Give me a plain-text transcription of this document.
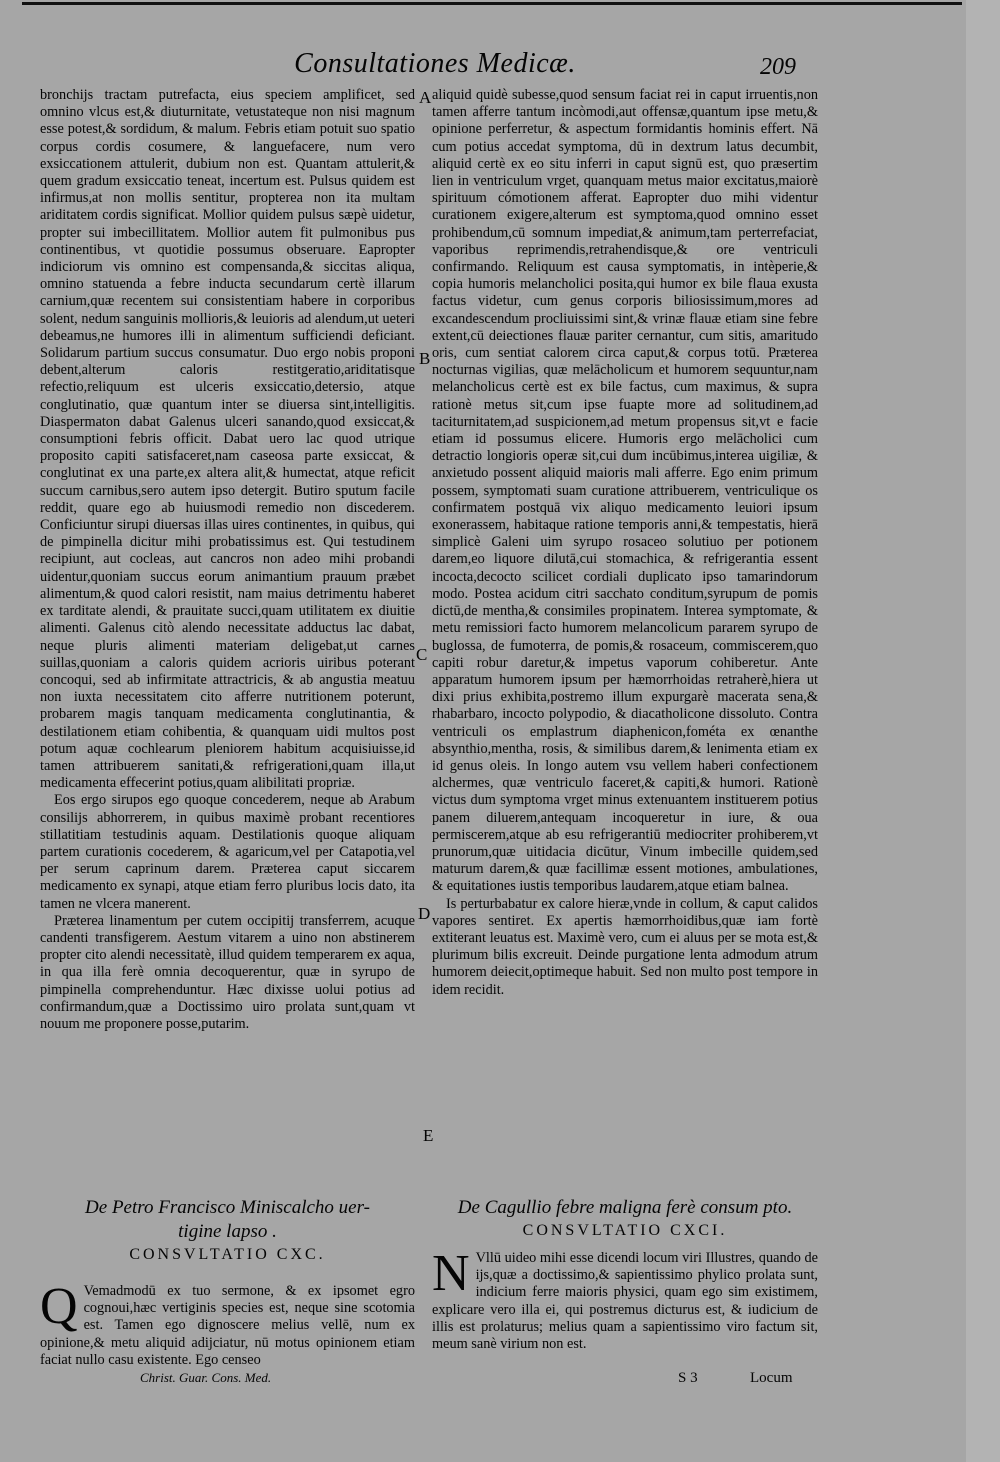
Consultationes Medicæ.	209

bronchijs tractam putrefacta, eius speciem amplificet, sed omnino vlcus est,& diuturnitate, vetustateque non nisi magnum esse potest,& sordidum, & malum. Febris etiam potuit suo spatio corpus cordis cosumere, & languefacere, num vero exsiccationem attulerit, dubium non est. Quantam attulerit,& quem gradum exsiccatio teneat, incertum est. Pulsus quidem est infirmus,at non mollis sentitur, propterea non ita multam ariditatem cordis significat. Mollior quidem pulsus sæpè uidetur, propter sui imbecillitatem. Mollior autem fit pulmonibus pus continentibus, vt quotidie possumus obseruare. Eapropter indiciorum vis omnino est compensanda,& siccitas aliqua, omnino statuenda a febre inducta secundarum certè illarum carnium,quæ recentem sui consistentiam habere in corporibus solent, nedum sanguinis mollioris,& leuioris ad alendum,ut ueteri debeamus,ne humores illi in alimentum sufficiendi deficiant. Solidarum partium succus consumatur. Duo ergo nobis proponi debent,alterum caloris restitgeratio,ariditatisque refectio,reliquum est ulceris exsiccatio,detersio, atque conglutinatio, quæ quantum inter se diuersa sint,intelligitis. Diaspermaton dabat Galenus ulceri sanando,quod exsiccat,& consumptioni febris officit. Dabat uero lac quod utrique proposito capiti satisfaceret,nam caseosa parte exsiccat, & conglutinat ex una parte,ex altera alit,& humectat, atque reficit succum carnibus,sero autem ipso detergit. Butiro sputum facile reddit, quare ego ab huiusmodi remedio non discederem. Conficiuntur sirupi diuersas illas uires continentes, in quibus, qui de pimpinella dicitur mihi probatissimus est. Qui testudinem recipiunt, aut cocleas, aut cancros non adeo mihi probandi uidentur,quoniam succus eorum animantium prauum præbet alimentum,& quod calori resistit, nam maius detrimentu haberet ex tarditate alendi, & prauitate succi,quam utilitatem ex diuitie alimenti. Galenus citò alendo necessitate adductus lac dabat, neque pluris alimenti materiam deligebat,ut carnes suillas,quoniam a caloris quidem acrioris uiribus poterant concoqui, sed ab infirmitate attractricis, & ab angustia meatuu non iuxta necessitatem cito afferre nutritionem poterunt, probarem magis tanquam medicamenta conglutinantia, & destilationem etiam cohibentia, & quanquam uidi multos post potum aquæ cochlearum pleniorem habitum acquisiuisse,id tamen attribuerem sanitati,& refrigerationi,quam illa,ut medicamenta effecerint potius,quam alibilitati propriæ.

Eos ergo sirupos ego quoque concederem, neque ab Arabum consilijs abhorrerem, in quibus maximè probant recentiores stillatitiam testudinis aquam. Destilationis quoque aliquam partem curationis cocederem, & agaricum,vel per Catapotia,vel per serum caprinum darem. Præterea caput siccarem medicamento ex synapi, atque etiam ferro pluribus locis dato, ita tamen ne vlcera manerent.

Præterea linamentum per cutem occipitij transferrem, acuque candenti transfigerem. Aestum vitarem a uino non abstinerem propter cito alendi necessitatè, illud quidem temperarem ex aqua, in qua illa ferè omnia decoquerentur, quæ in syrupo de pimpinella comprehenduntur. Hæc dixisse uolui potius ad confirmandum,quæ a Doctissimo uiro prolata sunt,quam vt nouum me proponere posse,putarim.

aliquid quidè subesse,quod sensum faciat rei in caput irruentis,non tamen afferre tantum incòmodi,aut offensæ,quantum ipse metu,& opinione perferretur, & aspectum formidantis hominis effert. Nā cum potius accedat symptoma, dū in dextrum latus decumbit, aliquid certè ex eo situ inferri in caput signū est, quo præsertim lien in ventriculum vrget, quanquam metus maior excitatus,maiorè spirituum cómotionem afferat. Eapropter duo mihi videntur curationem exigere,alterum est symptoma,quod omnino esset prohibendum,cū somnum impediat,& animum,tam perterrefaciat, vaporibus reprimendis,retrahendisque,& ore ventriculi confirmando. Reliquum est causa symptomatis, in intèperie,& copia humoris melancholici posita,qui humor ex bile flaua exusta factus videtur, cum genus corporis biliosissimum,mores ad excandescendum procliuissimi sint,& vrinæ flauæ etiam sine febre extent,cū deiectiones flauæ pariter cernantur, cum sitis, amaritudo oris, cum sentiat calorem circa caput,& corpus totū. Præterea nocturnas vigilias, quæ melācholicum et humorem sequuntur,nam melancholicus certè est ex bile factus, cum maximus, & supra rationè metus sit,cum ipse fuapte more ad solitudinem,ad taciturnitatem,ad suspicionem,ad metum propensus sit,vt e facie etiam id possumus elicere. Humoris ergo melācholici cum detractio longioris operæ sit,cui dum incūbimus,interea uigiliæ, & anxietudo possent aliquid maioris mali afferre. Ego enim primum possem, symptomati suam curatione attribuerem, ventriculique os confirmatem postquā vix aliquo medicamento leuiori ipsum exonerassem, habitaque ratione temporis anni,& tempestatis, hierā simplicè Galeni uim syrupo rosaceo solutiuo per potionem darem,eo liquore dilutā,cui stomachica, & refrigerantia essent incocta,decocto scilicet cordiali duplicato ipso tamarindorum modo. Postea acidum citri sacchato conditum,syrupum de pomis dictū,de mentha,& consimiles propinatem. Interea symptomate, & metu remissiori facto humorem melancolicum pararem syrupo de buglossa, de fumoterra, de pomis,& rosaceum, commiscerem,quo capiti robur daretur,& impetus vaporum cohiberetur. Ante apparatum humorem ipsum per hæmorrhoidas retraherè,hiera ut dixi prius exhibita,postremo illum expurgarè macerata sena,& rhabarbaro, incocto polypodio, & diacatholicone dissoluto. Contra ventriculi os emplastrum diaphenicon,fométa ex œnanthe absynthio,mentha, rosis, & similibus darem,& lenimenta etiam ex id genus oleis. In longo autem vsu vellem haberi confectionem alchermes, quæ ventriculo faceret,& capiti,& humori. Rationè victus dum symptoma vrget minus extenuantem instituerem potius panem diluerem,antequam incoqueretur in iure, & oua permiscerem,atque ab esu refrigerantiū mediocriter prohiberem,vt prunorum,quæ uitidacia dicūtur, Vinum imbecille quidem,sed maturum darem,& quæ facillimæ essent motiones, ambulationes, & equitationes iustis temporibus laudarem,atque etiam balnea.

Is perturbabatur ex calore hieræ,vnde in collum, & caput calidos vapores sentiret. Ex apertis hæmorrhoidibus,quæ iam fortè extiterant leuatus est. Maximè vero, cum ei aluus per se mota est,& plurimum bilis excreuit. Deinde purgatione lenta admodum atrum humorem deiecit,optimeque habuit. Sed non multo post tempore in idem recidit.

A
B
C
D
E
De Petro Francisco Miniscalcho uer-
tigine lapso .
CONSVLTATIO CXC.
Q Vemadmodū ex tuo sermone, & ex ipsomet egro cognoui,hæc vertiginis species est, neque sine scotomia est. Tamen ego dignoscere melius vellē, num ex opinione,& metu aliquid adijciatur, nū motus opinionem etiam faciat nullo casu existente. Ego censeo
De Cagullio febre maligna ferè consum pto.
CONSVLTATIO CXCI.
N Vllū uideo mihi esse dicendi locum viri Illustres, quando de ijs,quæ a doctissimo,& sapientissimo phylico prolata sunt, indicium ferre maioris physici, quam ego sim existimem, explicare vero illa ei, qui postremus dicturus est, & iudicium de illis est prolaturus; melius quam a sapientissimo viro factum sit, meum sanè virium non est.
Christ. Guar. Cons. Med.	S 3	Locum
